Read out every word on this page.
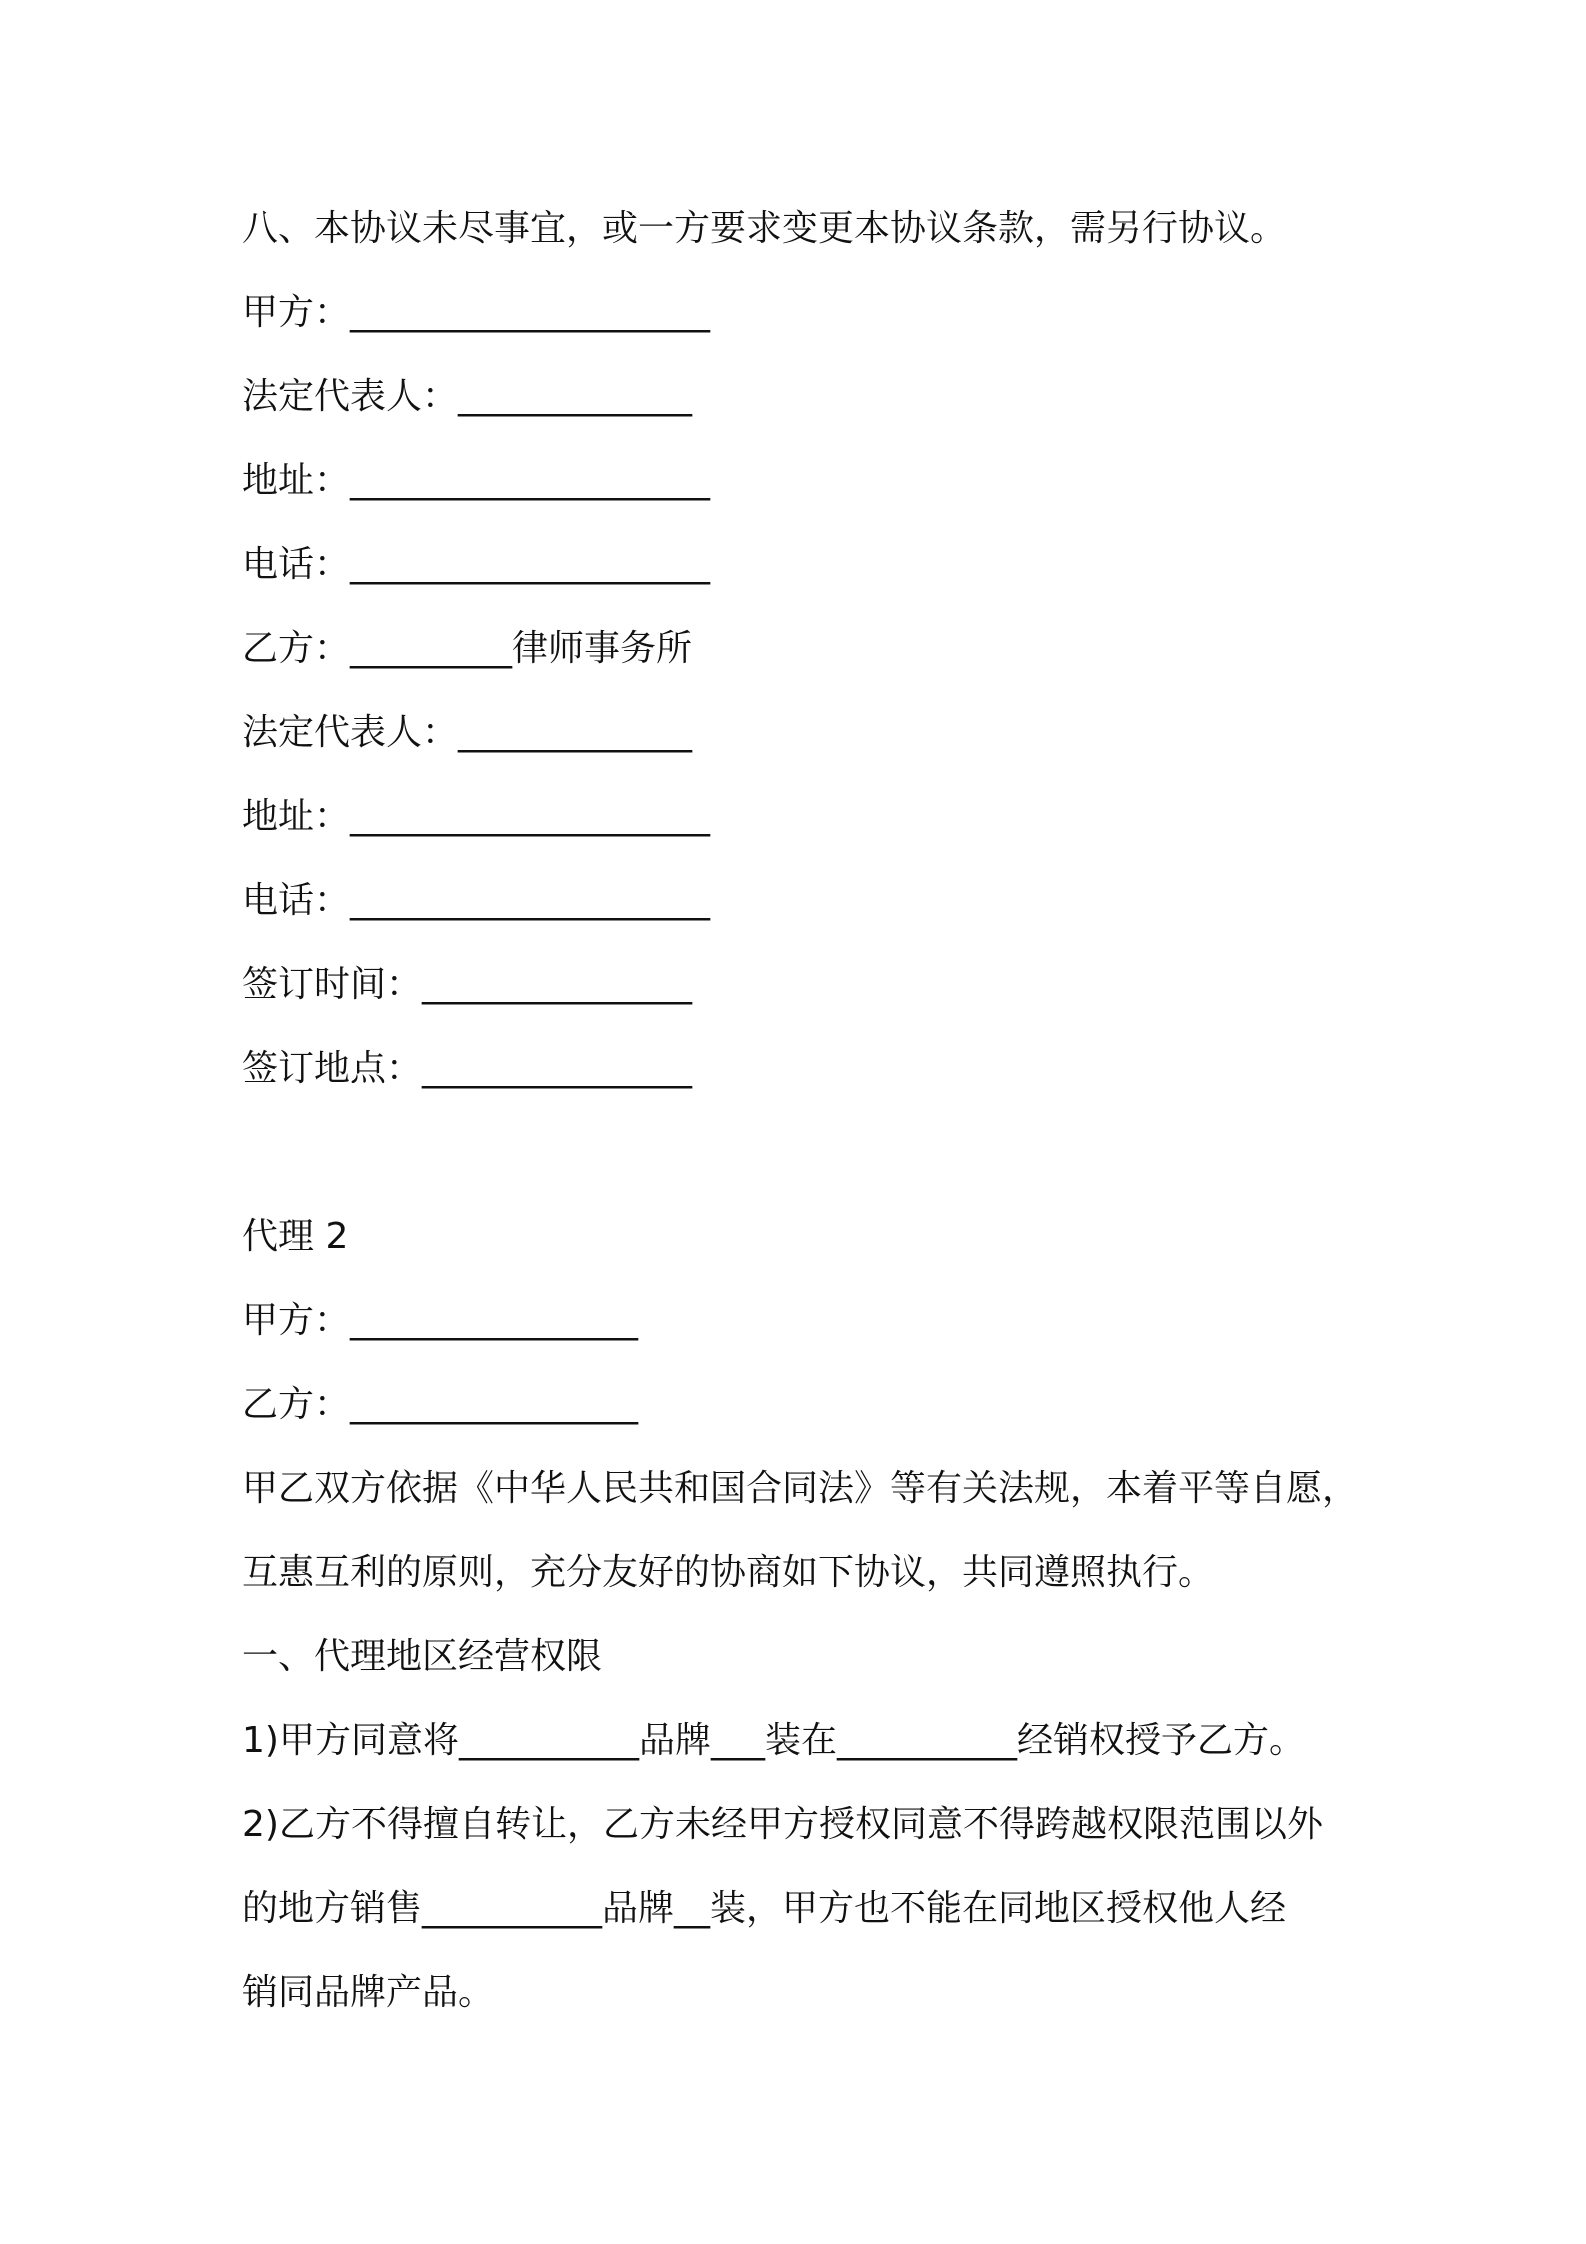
八、本协议未尽事宜，或一方要求变更本协议条款，需另行协议。
甲方：____________________
法定代表人：_____________
地址：____________________
电话：____________________
乙方：_________律师事务所
法定代表人：_____________
地址：____________________
电话：____________________
签订时间：_______________
签订地点：_______________
代理 2
甲方：________________
乙方：________________
甲乙双方依据《中华人民共和国合同法》等有关法规，本着平等自愿，
互惠互利的原则，充分友好的协商如下协议，共同遵照执行。
一、代理地区经营权限
1)甲方同意将__________品牌___装在__________经销权授予乙方。
2)乙方不得擅自转让，乙方未经甲方授权同意不得跨越权限范围以外
的地方销售__________品牌__装，甲方也不能在同地区授权他人经
销同品牌产品。
